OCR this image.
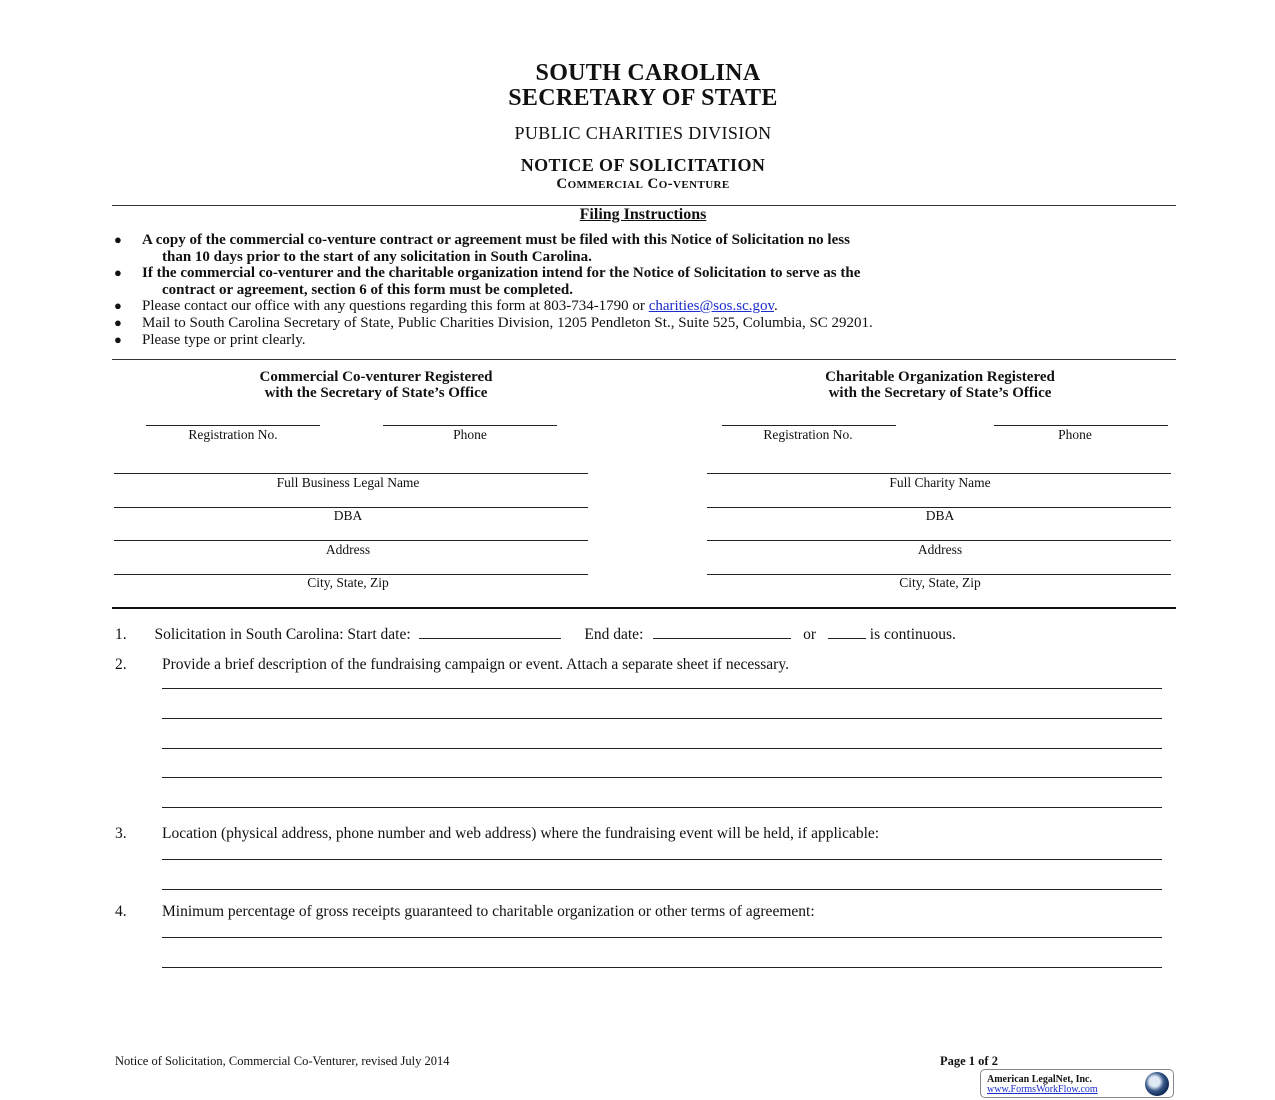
SOUTH CAROLINA
SECRETARY OF STATE
PUBLIC CHARITIES DIVISION
NOTICE OF SOLICITATION
Commercial Co-venture
Filing Instructions
● A copy of the commercial co-venture contract or agreement must be filed with this Notice of Solicitation no less
than 10 days prior to the start of any solicitation in South Carolina.
● If the commercial co-venturer and the charitable organization intend for the Notice of Solicitation to serve as the
contract or agreement, section 6 of this form must be completed.
● Please contact our office with any questions regarding this form at 803-734-1790 or charities@sos.sc.gov.
● Mail to South Carolina Secretary of State, Public Charities Division, 1205 Pendleton St., Suite 525, Columbia, SC 29201.
● Please type or print clearly.
Commercial Co-venturer Registered
with the Secretary of State’s Office
Registration No.	Phone
Full Business Legal Name
DBA
Address
City, State, Zip
Charitable Organization Registered
with the Secretary of State’s Office
Registration No.	Phone
Full Charity Name
DBA
Address
City, State, Zip
1. Solicitation in South Carolina: Start date:	End date:	or	is continuous.
2. Provide a brief description of the fundraising campaign or event. Attach a separate sheet if necessary.
3. Location (physical address, phone number and web address) where the fundraising event will be held, if applicable:
4. Minimum percentage of gross receipts guaranteed to charitable organization or other terms of agreement:
Notice of Solicitation, Commercial Co-Venturer, revised July 2014	Page 1 of 2
American LegalNet, Inc.
www.FormsWorkFlow.com
